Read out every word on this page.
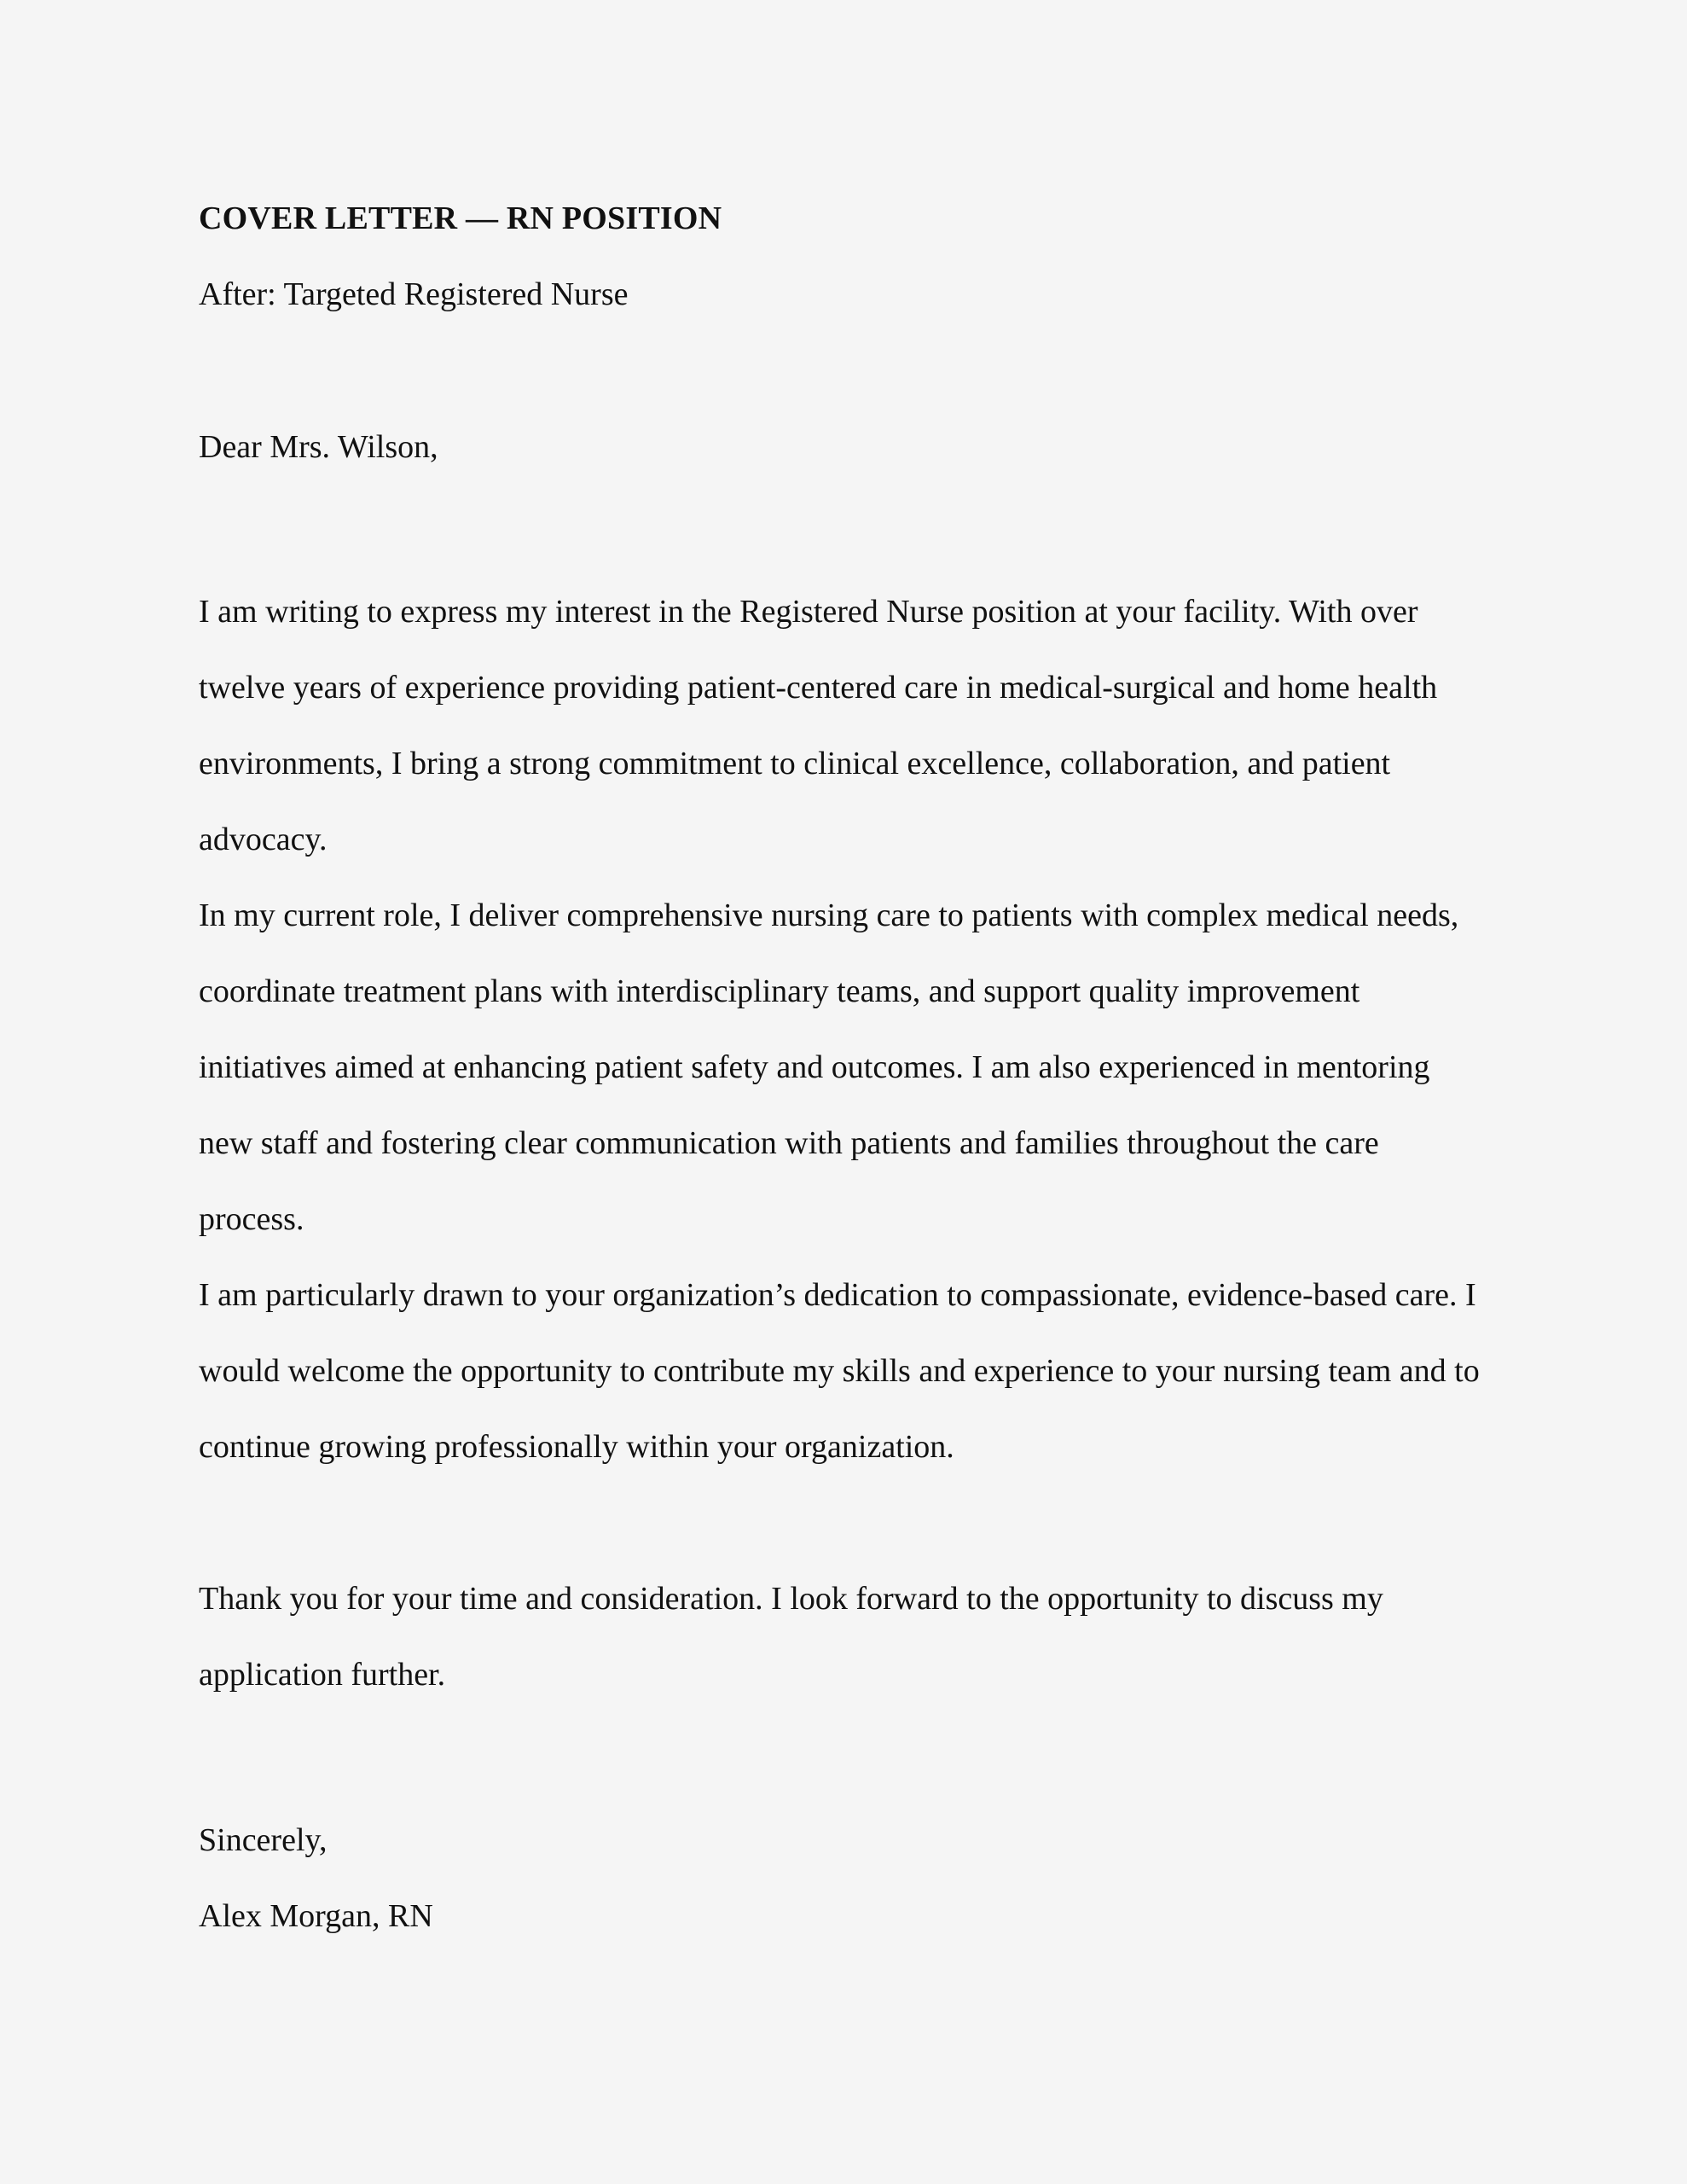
COVER LETTER — RN POSITION
After: Targeted Registered Nurse
Dear Mrs. Wilson,

I am writing to express my interest in the Registered Nurse position at your facility. With over twelve years of experience providing patient-centered care in medical-surgical and home health environments, I bring a strong commitment to clinical excellence, collaboration, and patient advocacy.

In my current role, I deliver comprehensive nursing care to patients with complex medical needs, coordinate treatment plans with interdisciplinary teams, and support quality improvement initiatives aimed at enhancing patient safety and outcomes. I am also experienced in mentoring new staff and fostering clear communication with patients and families throughout the care process.

I am particularly drawn to your organization’s dedication to compassionate, evidence-based care. I would welcome the opportunity to contribute my skills and experience to your nursing team and to continue growing professionally within your organization.

Thank you for your time and consideration. I look forward to the opportunity to discuss my application further.

Sincerely,
Alex Morgan, RN
